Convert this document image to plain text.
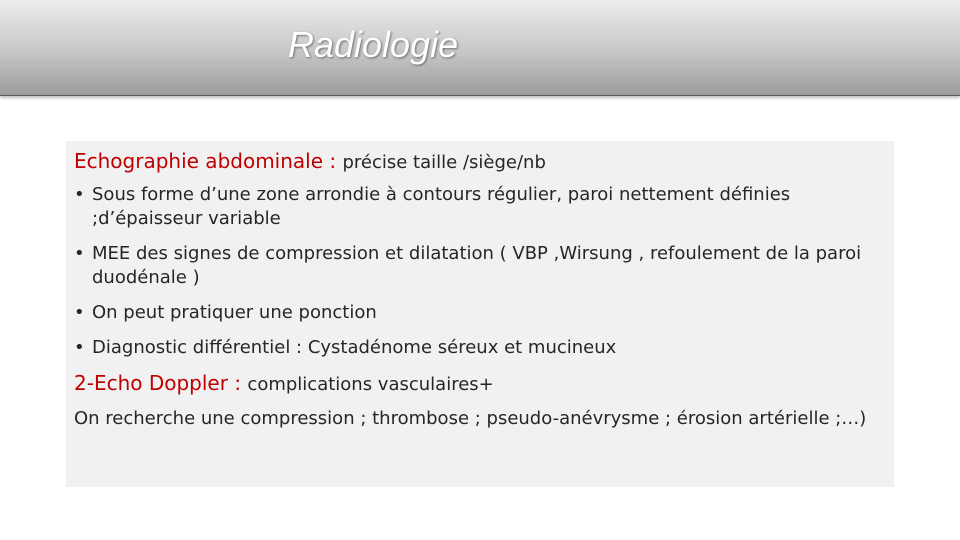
Radiologie

Echographie abdominale : précise taille /siège/nb

• Sous forme d’une zone arrondie à contours régulier, paroi nettement définies ;d’épaisseur variable
• MEE des signes de compression et dilatation ( VBP ,Wirsung , refoulement de la paroi duodénale )
• On peut pratiquer une ponction
• Diagnostic différentiel : Cystadénome séreux et mucineux

2-Echo Doppler : complications vasculaires+

On recherche une compression ; thrombose ; pseudo-anévrysme ; érosion artérielle ;…)
